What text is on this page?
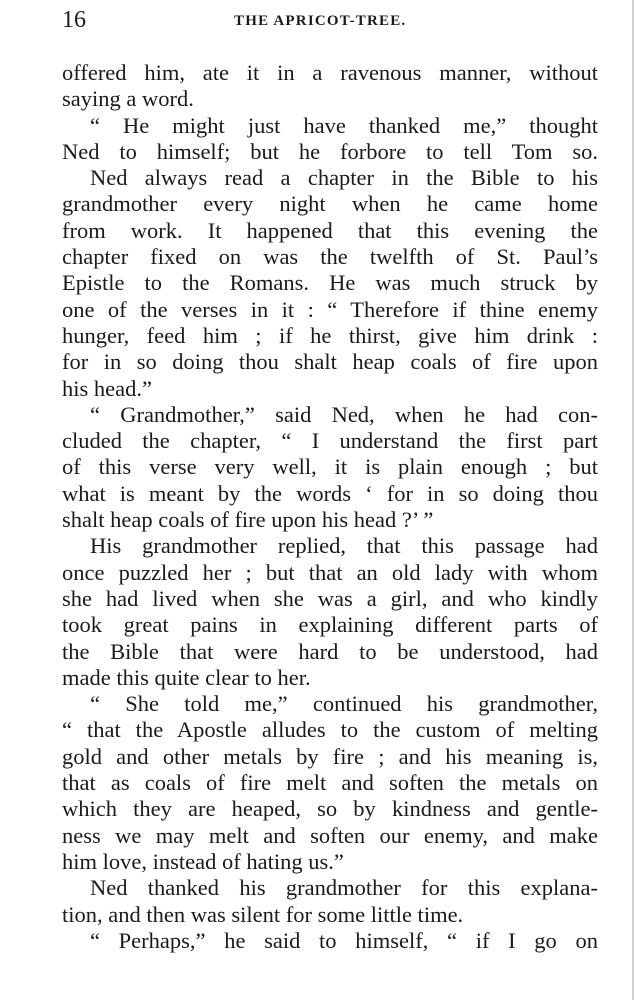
16	THE APRICOT-TREE.
offered him, ate it in a ravenous manner, without
saying a word.
“ He might just have thanked me,” thought
Ned to himself; but he forbore to tell Tom so.
Ned always read a chapter in the Bible to his
grandmother every night when he came home
from work. It happened that this evening the
chapter fixed on was the twelfth of St. Paul’s
Epistle to the Romans. He was much struck by
one of the verses in it : “ Therefore if thine enemy
hunger, feed him ; if he thirst, give him drink :
for in so doing thou shalt heap coals of fire upon
his head.”
“ Grandmother,” said Ned, when he had con-
cluded the chapter, “ I understand the first part
of this verse very well, it is plain enough ; but
what is meant by the words ‘ for in so doing thou
shalt heap coals of fire upon his head ?’ ”
His grandmother replied, that this passage had
once puzzled her ; but that an old lady with whom
she had lived when she was a girl, and who kindly
took great pains in explaining different parts of
the Bible that were hard to be understood, had
made this quite clear to her.
“ She told me,” continued his grandmother,
“ that the Apostle alludes to the custom of melting
gold and other metals by fire ; and his meaning is,
that as coals of fire melt and soften the metals on
which they are heaped, so by kindness and gentle-
ness we may melt and soften our enemy, and make
him love, instead of hating us.”
Ned thanked his grandmother for this explana-
tion, and then was silent for some little time.
“ Perhaps,” he said to himself, “ if I go on
